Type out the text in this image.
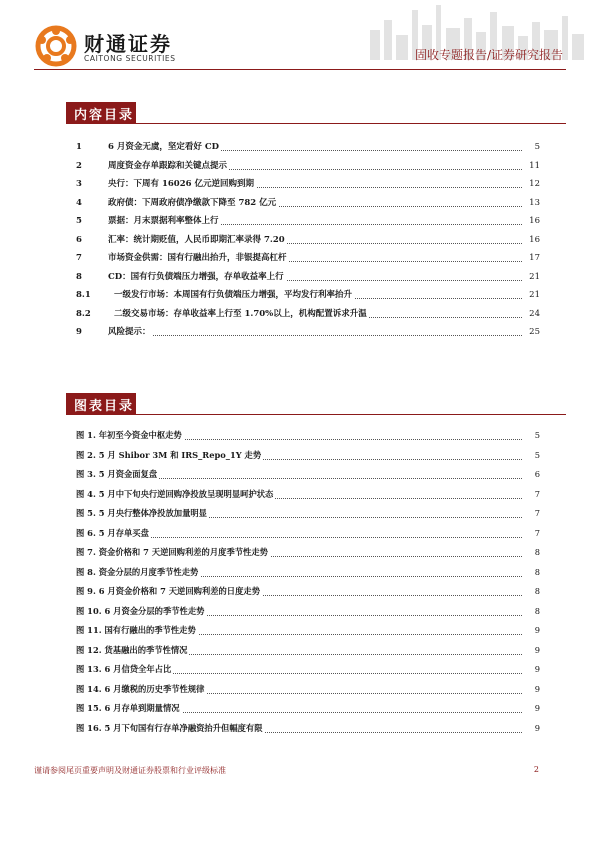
财通证券
CAITONG SECURITIES	固收专题报告/证券研究报告
内容目录
1	6 月资金无虞，坚定看好 CD	5
2	周度资金存单跟踪和关键点提示	11
3	央行：下周有 16026 亿元逆回购到期	12
4	政府债：下周政府债净缴款下降至 782 亿元	13
5	票据：月末票据利率整体上行	16
6	汇率：统计期贬值，人民币即期汇率录得 7.20	16
7	市场资金供需：国有行融出抬升，非银提高杠杆	17
8	CD：国有行负债端压力增强，存单收益率上行	21
8.1	一级发行市场：本周国有行负债端压力增强，平均发行利率抬升	21
8.2	二级交易市场：存单收益率上行至 1.70%以上，机构配置诉求升温	24
9	风险提示：	25
图表目录
图 1. 年初至今资金中枢走势	5
图 2. 5 月 Shibor 3M 和 IRS_Repo_1Y 走势	5
图 3. 5 月资金面复盘	6
图 4. 5 月中下旬央行逆回购净投放呈现明显呵护状态	7
图 5. 5 月央行整体净投放加量明显	7
图 6. 5 月存单买盘	7
图 7. 资金价格和 7 天逆回购利差的月度季节性走势	8
图 8. 资金分层的月度季节性走势	8
图 9. 6 月资金价格和 7 天逆回购利差的日度走势	8
图 10. 6 月资金分层的季节性走势	8
图 11. 国有行融出的季节性走势	9
图 12. 货基融出的季节性情况	9
图 13. 6 月信贷全年占比	9
图 14. 6 月缴税的历史季节性规律	9
图 15. 6 月存单到期量情况	9
图 16. 5 月下旬国有行存单净融资抬升但幅度有限	9
谨请参阅尾页重要声明及财通证券股票和行业评级标准	2
